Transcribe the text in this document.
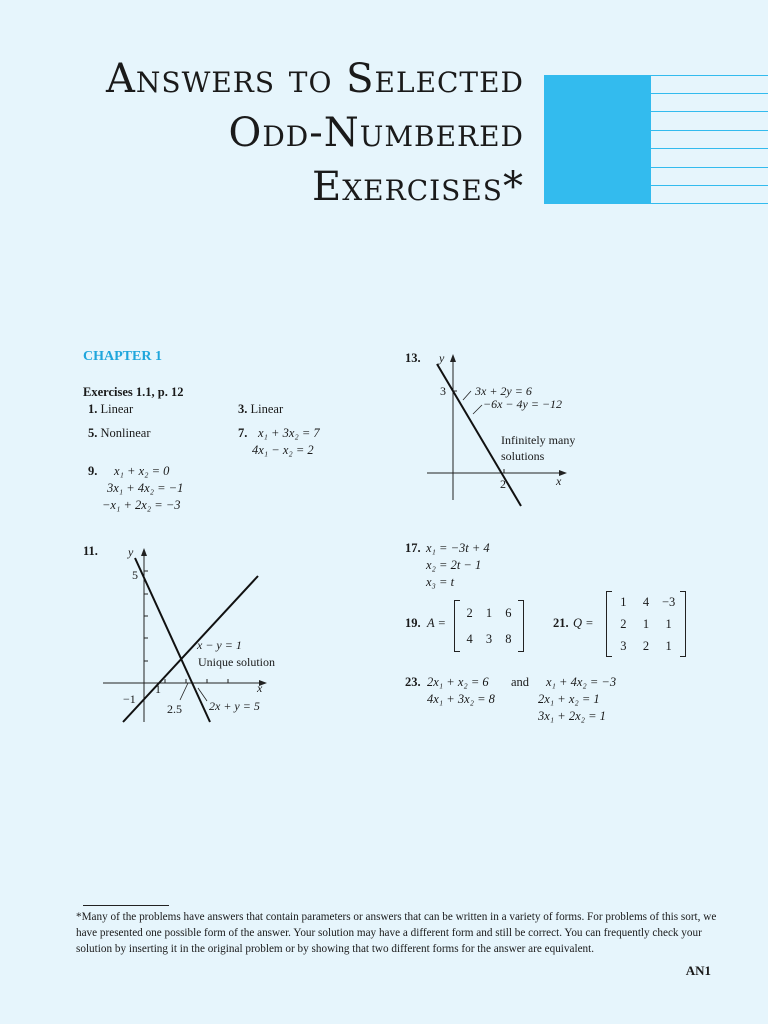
Answers to Selected
Odd-Numbered
Exercises*
CHAPTER 1
Exercises 1.1, p. 12
1. Linear	3. Linear
5. Nonlinear	7. x₁ + 3x₂ = 7
4x₁ − x₂ = 2
9. x₁ + x₂ = 0
3x₁ + 4x₂ = −1
−x₁ + 2x₂ = −3
11.	y
x
5
−1
1
2.5
x − y = 1
Unique solution
2x + y = 5
13. y
x
3
2
3x + 2y = 6
−6x − 4y = −12
Infinitely many
solutions
17. x₁ = −3t + 4
x₂ = 2t − 1
x₃ = t
19. A =
2	1	6
4	3	8
21. Q =
1	4	−3
2	1	1
3	2	1
23. 2x₁ + x₂ = 6 and x₁ + 4x₂ = −3
4x₁ + 3x₂ = 8	2x₁ + x₂ = 1
3x₁ + 2x₂ = 1
*Many of the problems have answers that contain parameters or answers that can be written in a variety of forms. For problems of this sort, we have presented one possible form of the answer. Your solution may have a different form and still be correct. You can frequently check your solution by inserting it in the original problem or by showing that two different forms for the answer are equivalent.
AN1
